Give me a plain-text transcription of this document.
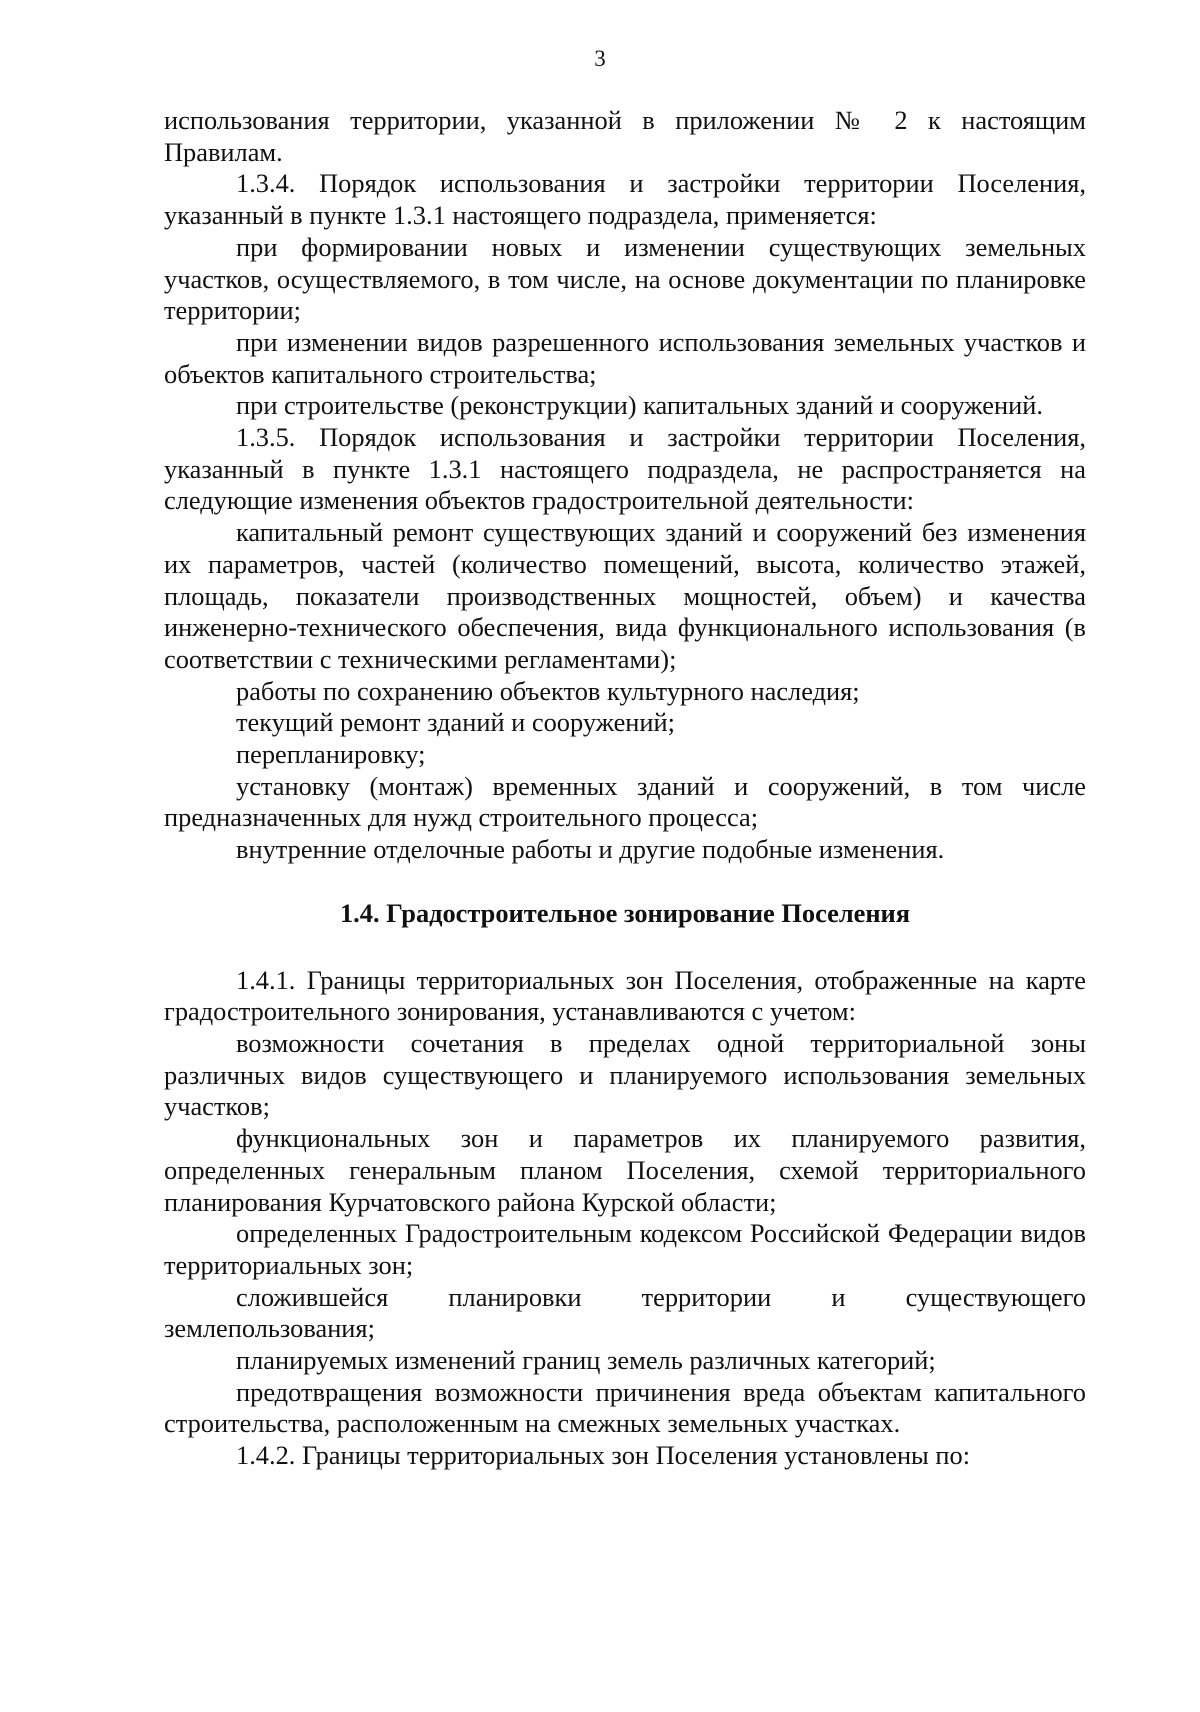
3

использования территории, указанной в приложении № 2 к настоящим Правилам.

1.3.4. Порядок использования и застройки территории Поселения, указанный в пункте 1.3.1 настоящего подраздела, применяется:

при формировании новых и изменении существующих земельных участков, осуществляемого, в том числе, на основе документации по планировке территории;

при изменении видов разрешенного использования земельных участков и объектов капитального строительства;

при строительстве (реконструкции) капитальных зданий и сооружений.

1.3.5. Порядок использования и застройки территории Поселения, указанный в пункте 1.3.1 настоящего подраздела, не распространяется на следующие изменения объектов градостроительной деятельности:

капитальный ремонт существующих зданий и сооружений без изменения их параметров, частей (количество помещений, высота, количество этажей, площадь, показатели производственных мощностей, объем) и качества инженерно-технического обеспечения, вида функционального использования (в соответствии с техническими регламентами);

работы по сохранению объектов культурного наследия;

текущий ремонт зданий и сооружений;

перепланировку;

установку (монтаж) временных зданий и сооружений, в том числе предназначенных для нужд строительного процесса;

внутренние отделочные работы и другие подобные изменения.

1.4. Градостроительное зонирование Поселения

1.4.1. Границы территориальных зон Поселения, отображенные на карте градостроительного зонирования, устанавливаются с учетом:

возможности сочетания в пределах одной территориальной зоны различных видов существующего и планируемого использования земельных участков;

функциональных зон и параметров их планируемого развития, определенных генеральным планом Поселения, схемой территориального планирования Курчатовского района Курской области;

определенных Градостроительным кодексом Российской Федерации видов территориальных зон;

сложившейся планировки территории и существующего землепользования;

планируемых изменений границ земель различных категорий;

предотвращения возможности причинения вреда объектам капитального строительства, расположенным на смежных земельных участках.

1.4.2. Границы территориальных зон Поселения установлены по:
